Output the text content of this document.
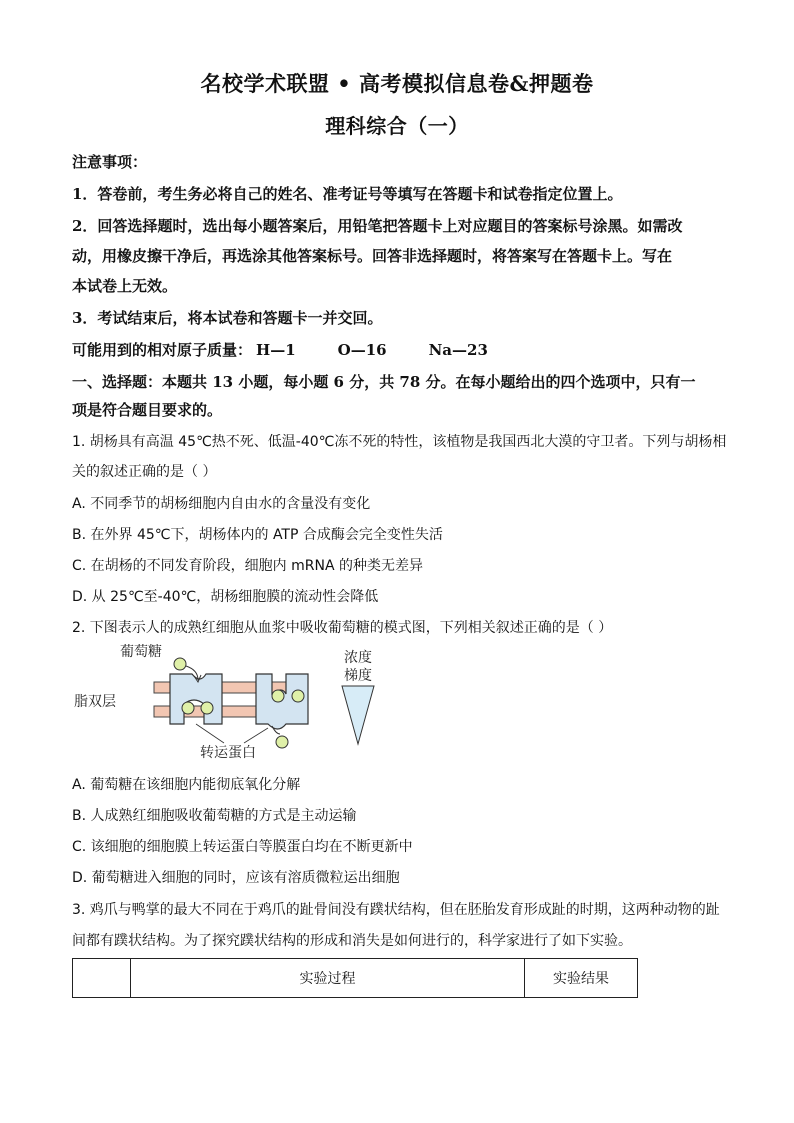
名校学术联盟 • 高考模拟信息卷&押题卷
理科综合（一）
注意事项：
1．答卷前，考生务必将自己的姓名、准考证号等填写在答题卡和试卷指定位置上。
2．回答选择题时，选出每小题答案后，用铅笔把答题卡上对应题目的答案标号涂黑。如需改
动，用橡皮擦干净后，再选涂其他答案标号。回答非选择题时，将答案写在答题卡上。写在
本试卷上无效。
3．考试结束后，将本试卷和答题卡一并交回。
可能用到的相对原子质量： H—1	O—16	Na—23
一、选择题：本题共 13 小题，每小题 6 分，共 78 分。在每小题给出的四个选项中，只有一
项是符合题目要求的。
1. 胡杨具有高温 45℃热不死、低温-40℃冻不死的特性，该植物是我国西北大漠的守卫者。下列与胡杨相
关的叙述正确的是（ ）
A. 不同季节的胡杨细胞内自由水的含量没有变化
B. 在外界 45℃下，胡杨体内的 ATP 合成酶会完全变性失活
C. 在胡杨的不同发育阶段，细胞内 mRNA 的种类无差异
D. 从 25℃至-40℃，胡杨细胞膜的流动性会降低
2. 下图表示人的成熟红细胞从血浆中吸收葡萄糖的模式图，下列相关叙述正确的是（ ）
葡萄糖
脂双层
转运蛋白
浓度
梯度
A. 葡萄糖在该细胞内能彻底氧化分解
B. 人成熟红细胞吸收葡萄糖的方式是主动运输
C. 该细胞的细胞膜上转运蛋白等膜蛋白均在不断更新中
D. 葡萄糖进入细胞的同时，应该有溶质微粒运出细胞
3. 鸡爪与鸭掌的最大不同在于鸡爪的趾骨间没有蹼状结构，但在胚胎发育形成趾的时期，这两种动物的趾
间都有蹼状结构。为了探究蹼状结构的形成和消失是如何进行的，科学家进行了如下实验。
	实验过程	实验结果
